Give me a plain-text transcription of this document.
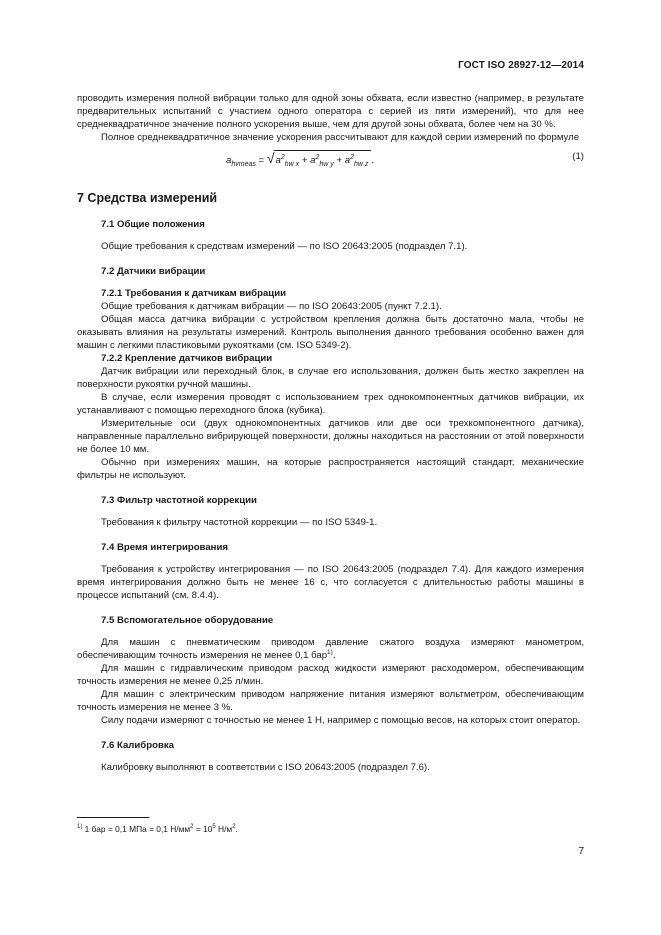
ГОСТ ISO 28927-12—2014

проводить измерения полной вибрации только для одной зоны обхвата, если известно (например, в результате предварительных испытаний с участием одного оператора с серией из пяти измерений), что для нее среднеквадратичное значение полного ускорения выше, чем для другой зоны обхвата, более чем на 30 %.

Полное среднеквадратичное значение ускорения рассчитывают для каждой серии измерений по формуле

$a_{hvmeas} = √a^2_{hw x} + a^2_{hw y} + a^2_{hw z}$ .	(1)

7 Средства измерений

7.1 Общие положения

Общие требования к средствам измерений — по ISO 20643:2005 (подраздел 7.1).

7.2 Датчики вибрации

7.2.1 Требования к датчикам вибрации

Общие требования к датчикам вибрации — по ISO 20643:2005 (пункт 7.2.1).

Общая масса датчика вибрации с устройством крепления должна быть достаточно мала, чтобы не оказывать влияния на результаты измерений. Контроль выполнения данного требования особенно важен для машин с легкими пластиковыми рукоятками (см. ISO 5349-2).

7.2.2 Крепление датчиков вибрации

Датчик вибрации или переходный блок, в случае его использования, должен быть жестко закреплен на поверхности рукоятки ручной машины.

В случае, если измерения проводят с использованием трех однокомпонентных датчиков вибрации, их устанавливают с помощью переходного блока (кубика).

Измерительные оси (двух однокомпонентных датчиков или две оси трехкомпонентного датчика), направленные параллельно вибрирующей поверхности, должны находиться на расстоянии от этой поверхности не более 10 мм.

Обычно при измерениях машин, на которые распространяется настоящий стандарт, механические фильтры не используют.

7.3 Фильтр частотной коррекции

Требования к фильтру частотной коррекции — по ISO 5349-1.

7.4 Время интегрирования

Требования к устройству интегрирования — по ISO 20643:2005 (подраздел 7.4). Для каждого измерения время интегрирования должно быть не менее 16 с, что согласуется с длительностью работы машины в процессе испытаний (см. 8.4.4).

7.5 Вспомогательное оборудование

Для машин с пневматическим приводом давление сжатого воздуха измеряют манометром, обеспечивающим точность измерения не менее 0,1 бар$^{1)}$.

Для машин с гидравлическим приводом расход жидкости измеряют расходомером, обеспечивающим точность измерения не менее 0,25 л/мин.

Для машин с электрическим приводом напряжение питания измеряют вольтметром, обеспечивающим точность измерения не менее 3 %.

Силу подачи измеряют с точностью не менее 1 Н, например с помощью весов, на которых стоит оператор.

7.6 Калибровка

Калибровку выполняют в соответствии с ISO 20643:2005 (подраздел 7.6).

$^{1)}$ 1 бар = 0,1 МПа = 0,1 $Н/мм^2 = 10^5$ $Н/м^2$.
7
